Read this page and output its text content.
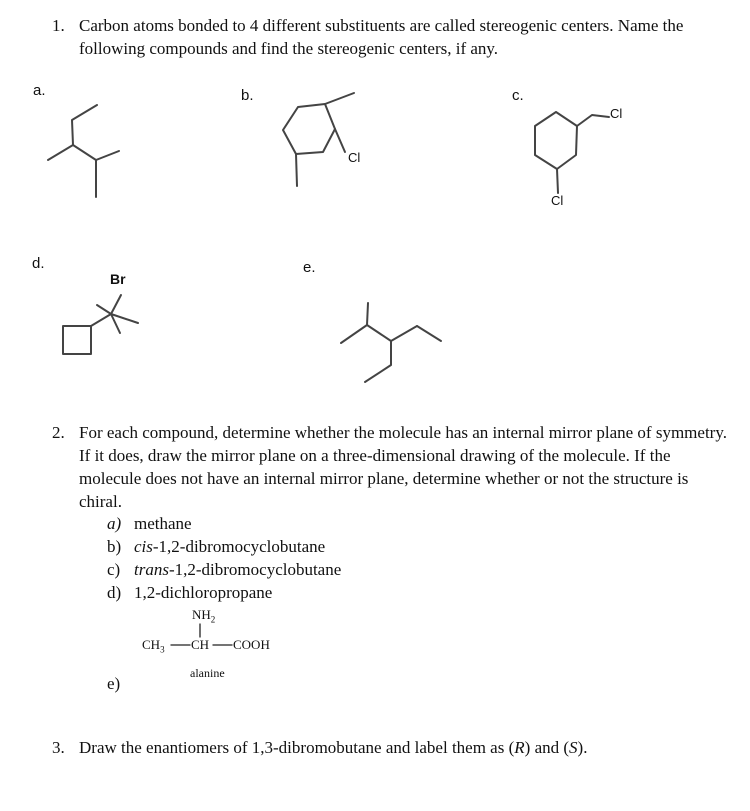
1. Carbon atoms bonded to 4 different substituents are called stereogenic centers. Name the following compounds and find the stereogenic centers, if any.
a.	b.	c.
d.	e.
Cl
Cl
Cl
Br
2. For each compound, determine whether the molecule has an internal mirror plane of symmetry. If it does, draw the mirror plane on a three-dimensional drawing of the molecule. If the molecule does not have an internal mirror plane, determine whether or not the structure is chiral.
a) methane
b) cis-1,2-dibromocyclobutane
c) trans-1,2-dibromocyclobutane
d) 1,2-dichloropropane
e)
$NH_2$
$CH_3$ CH COOH
alanine
3. Draw the enantiomers of 1,3-dibromobutane and label them as (R) and (S).
